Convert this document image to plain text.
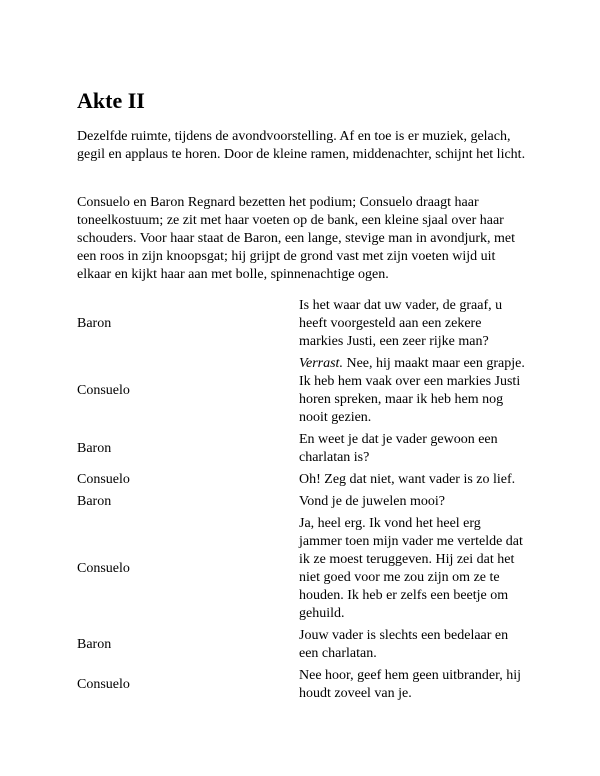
Akte II

Dezelfde ruimte, tijdens de avondvoorstelling. Af en toe is er muziek, gelach, gegil en applaus te horen. Door de kleine ramen, middenachter, schijnt het licht.

Consuelo en Baron Regnard bezetten het podium; Consuelo draagt haar toneelkostuum; ze zit met haar voeten op de bank, een kleine sjaal over haar schouders. Voor haar staat de Baron, een lange, stevige man in avondjurk, met een roos in zijn knoopsgat; hij grijpt de grond vast met zijn voeten wijd uit elkaar en kijkt haar aan met bolle, spinnenachtige ogen.

Baron
Is het waar dat uw vader, de graaf, u heeft voorgesteld aan een zekere markies Justi, een zeer rijke man?
Consuelo
Verrast. Nee, hij maakt maar een grapje. Ik heb hem vaak over een markies Justi horen spreken, maar ik heb hem nog nooit gezien.
Baron
En weet je dat je vader gewoon een charlatan is?
Consuelo	Oh! Zeg dat niet, want vader is zo lief.
Baron	Vond je de juwelen mooi?
Consuelo
Ja, heel erg. Ik vond het heel erg jammer toen mijn vader me vertelde dat ik ze moest teruggeven. Hij zei dat het niet goed voor me zou zijn om ze te houden. Ik heb er zelfs een beetje om gehuild.
Baron
Jouw vader is slechts een bedelaar en een charlatan.
Consuelo
Nee hoor, geef hem geen uitbrander, hij houdt zoveel van je.
